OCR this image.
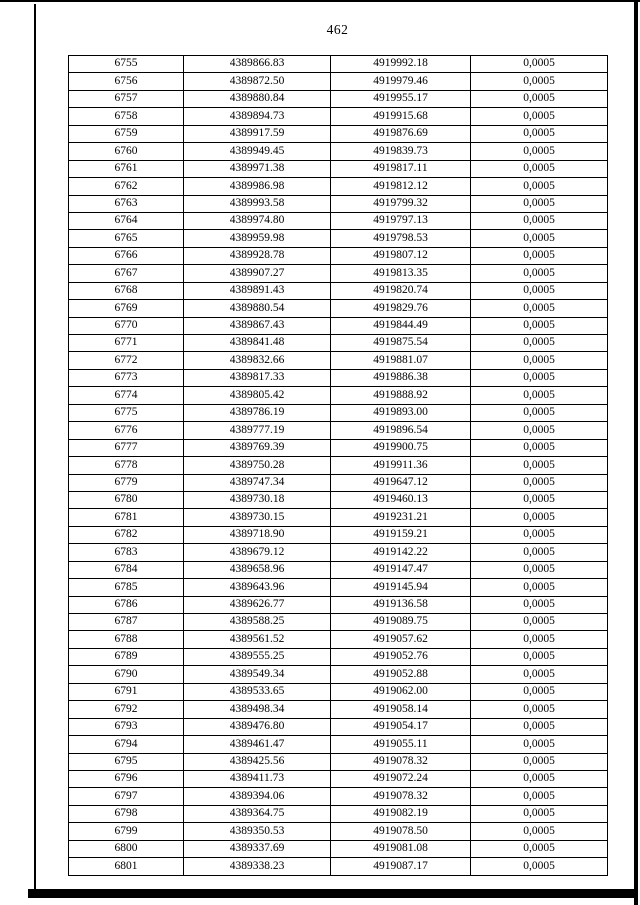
462
6755	4389866.83	4919992.18	0,0005
6756	4389872.50	4919979.46	0,0005
6757	4389880.84	4919955.17	0,0005
6758	4389894.73	4919915.68	0,0005
6759	4389917.59	4919876.69	0,0005
6760	4389949.45	4919839.73	0,0005
6761	4389971.38	4919817.11	0,0005
6762	4389986.98	4919812.12	0,0005
6763	4389993.58	4919799.32	0,0005
6764	4389974.80	4919797.13	0,0005
6765	4389959.98	4919798.53	0,0005
6766	4389928.78	4919807.12	0,0005
6767	4389907.27	4919813.35	0,0005
6768	4389891.43	4919820.74	0,0005
6769	4389880.54	4919829.76	0,0005
6770	4389867.43	4919844.49	0,0005
6771	4389841.48	4919875.54	0,0005
6772	4389832.66	4919881.07	0,0005
6773	4389817.33	4919886.38	0,0005
6774	4389805.42	4919888.92	0,0005
6775	4389786.19	4919893.00	0,0005
6776	4389777.19	4919896.54	0,0005
6777	4389769.39	4919900.75	0,0005
6778	4389750.28	4919911.36	0,0005
6779	4389747.34	4919647.12	0,0005
6780	4389730.18	4919460.13	0,0005
6781	4389730.15	4919231.21	0,0005
6782	4389718.90	4919159.21	0,0005
6783	4389679.12	4919142.22	0,0005
6784	4389658.96	4919147.47	0,0005
6785	4389643.96	4919145.94	0,0005
6786	4389626.77	4919136.58	0,0005
6787	4389588.25	4919089.75	0,0005
6788	4389561.52	4919057.62	0,0005
6789	4389555.25	4919052.76	0,0005
6790	4389549.34	4919052.88	0,0005
6791	4389533.65	4919062.00	0,0005
6792	4389498.34	4919058.14	0,0005
6793	4389476.80	4919054.17	0,0005
6794	4389461.47	4919055.11	0,0005
6795	4389425.56	4919078.32	0,0005
6796	4389411.73	4919072.24	0,0005
6797	4389394.06	4919078.32	0,0005
6798	4389364.75	4919082.19	0,0005
6799	4389350.53	4919078.50	0,0005
6800	4389337.69	4919081.08	0,0005
6801	4389338.23	4919087.17	0,0005
